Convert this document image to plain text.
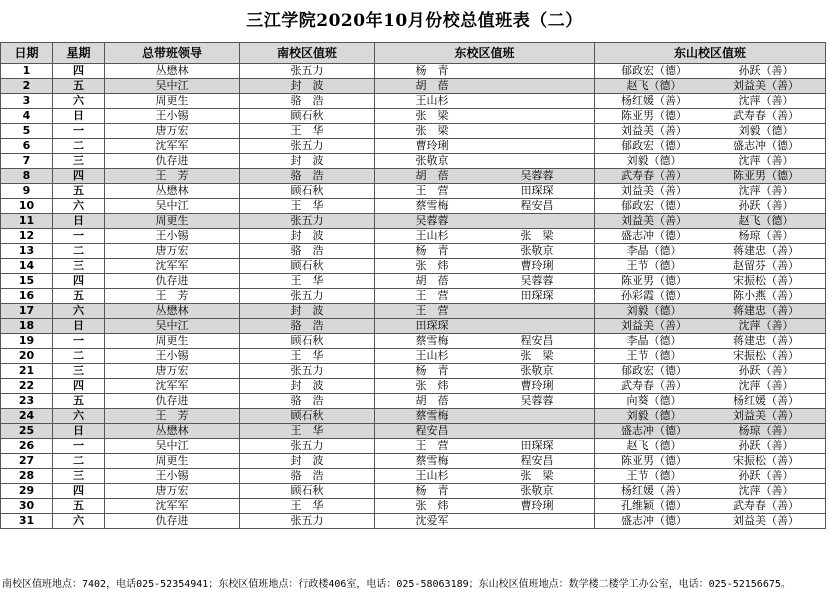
三江学院2020年10月份校总值班表（二）
日期	星期	总带班领导	南校区值班	东校区值班	东山校区值班
1	四	丛懋林	张五力	杨　青	郁政宏（德） 孙跃（善）
2	五	吴中江	封　波	胡　蓓	赵飞（德） 刘益美（善）
3	六	周更生	骆　浩	王山杉	杨红媛（善） 沈萍（善）
4	日	王小锡	顾石秋	张　梁	陈亚男（德） 武寿春（善）
5	一	唐万宏	王　华	张　梁	刘益美（善） 刘毅（德）
6	二	沈军军	张五力	曹玲琍	郁政宏（德） 盛志冲（德）
7	三	仇存进	封　波	张敬京	刘毅（德） 沈萍（善）
8	四	王　芳	骆　浩	胡　蓓 吴蓉蓉	武寿春（善） 陈亚男（德）
9	五	丛懋林	顾石秋	王　营 田琛琛	刘益美（善） 沈萍（善）
10	六	吴中江	王　华	蔡雪梅 程安昌	郁政宏（德） 孙跃（善）
11	日	周更生	张五力	吴蓉蓉	刘益美（善） 赵飞（德）
12	一	王小锡	封　波	王山杉 张　梁	盛志冲（德） 杨琼（善）
13	二	唐万宏	骆　浩	杨　青 张敬京	李晶（德） 蒋建忠（善）
14	三	沈军军	顾石秋	张　炜 曹玲琍	王节（德） 赵留芬（善）
15	四	仇存进	王　华	胡　蓓 吴蓉蓉	陈亚男（德） 宋振松（善）
16	五	王　芳	张五力	王　营 田琛琛	孙彩霞（德） 陈小燕（善）
17	六	丛懋林	封　波	王　营	刘毅（德） 蒋建忠（善）
18	日	吴中江	骆　浩	田琛琛	刘益美（善） 沈萍（善）
19	一	周更生	顾石秋	蔡雪梅 程安昌	李晶（德） 蒋建忠（善）
20	二	王小锡	王　华	王山杉 张　梁	王节（德） 宋振松（善）
21	三	唐万宏	张五力	杨　青 张敬京	郁政宏（德） 孙跃（善）
22	四	沈军军	封　波	张　炜 曹玲琍	武寿春（善） 沈萍（善）
23	五	仇存进	骆　浩	胡　蓓 吴蓉蓉	向葵（德） 杨红媛（善）
24	六	王　芳	顾石秋	蔡雪梅	刘毅（德） 刘益美（善）
25	日	丛懋林	王　华	程安昌	盛志冲（德） 杨琼（善）
26	一	吴中江	张五力	王　营 田琛琛	赵飞（德） 孙跃（善）
27	二	周更生	封　波	蔡雪梅 程安昌	陈亚男（德） 宋振松（善）
28	三	王小锡	骆　浩	王山杉 张　梁	王节（德） 孙跃（善）
29	四	唐万宏	顾石秋	杨　青 张敬京	杨红媛（善） 沈萍（善）
30	五	沈军军	王　华	张　炜 曹玲琍	孔维颖（德） 武寿春（善）
31	六	仇存进	张五力	沈爱军	盛志冲（德） 刘益美（善）
南校区值班地点：7402，电话025-52354941；东校区值班地点：行政楼406室，电话：025-58063189；东山校区值班地点：数学楼二楼学工办公室，电话：025-52156675。
